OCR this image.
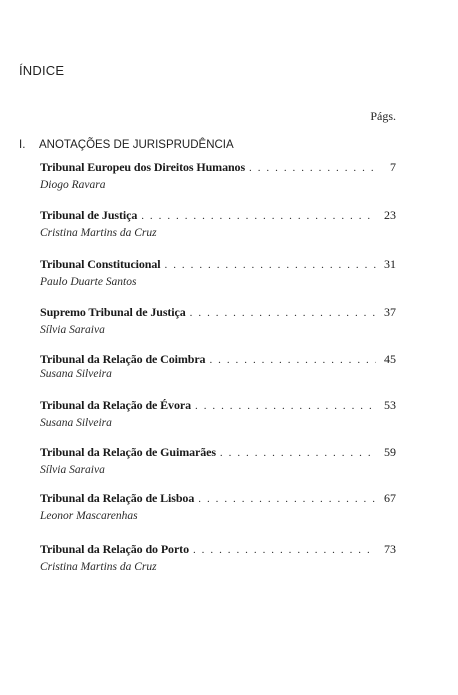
ÍNDICE
Págs.
I. ANOTAÇÕES DE JURISPRUDÊNCIA
Tribunal Europeu dos Direitos Humanos . . .	7
Diogo Ravara
Tribunal de Justiça . . .	23
Cristina Martins da Cruz
Tribunal Constitucional . . .	31
Paulo Duarte Santos
Supremo Tribunal de Justiça . . .	37
Sílvia Saraiva
Tribunal da Relação de Coimbra . . .	45
Susana Silveira
Tribunal da Relação de Évora . . .	53
Susana Silveira
Tribunal da Relação de Guimarães . . .	59
Sílvia Saraiva
Tribunal da Relação de Lisboa . . .	67
Leonor Mascarenhas
Tribunal da Relação do Porto . . .	73
Cristina Martins da Cruz
